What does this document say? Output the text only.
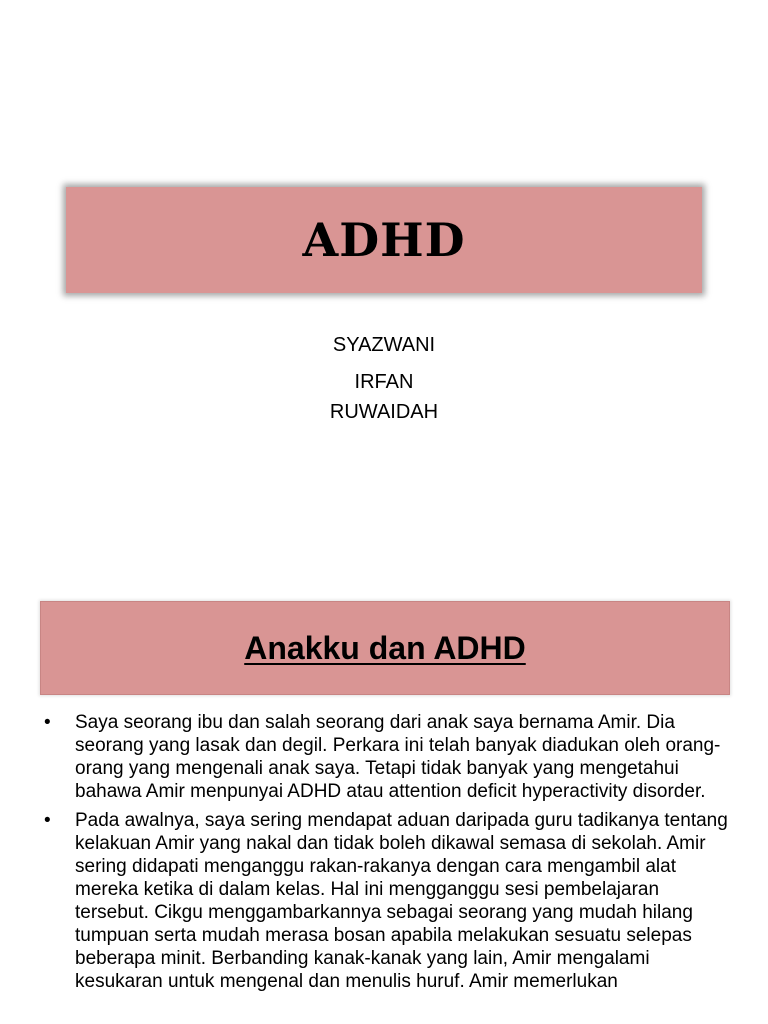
ADHD
SYAZWANI
IRFAN
RUWAIDAH
Anakku dan ADHD
• Saya seorang ibu dan salah seorang dari anak saya bernama Amir. Dia seorang yang lasak dan degil. Perkara ini telah banyak diadukan oleh orang-orang yang mengenali anak saya. Tetapi tidak banyak yang mengetahui bahawa Amir menpunyai ADHD atau attention deficit hyperactivity disorder.
• Pada awalnya, saya sering mendapat aduan daripada guru tadikanya tentang kelakuan Amir yang nakal dan tidak boleh dikawal semasa di sekolah. Amir sering didapati menganggu rakan-rakanya dengan cara mengambil alat mereka ketika di dalam kelas. Hal ini mengganggu sesi pembelajaran tersebut. Cikgu menggambarkannya sebagai seorang yang mudah hilang tumpuan serta mudah merasa bosan apabila melakukan sesuatu selepas beberapa minit. Berbanding kanak-kanak yang lain, Amir mengalami kesukaran untuk mengenal dan menulis huruf. Amir memerlukan
